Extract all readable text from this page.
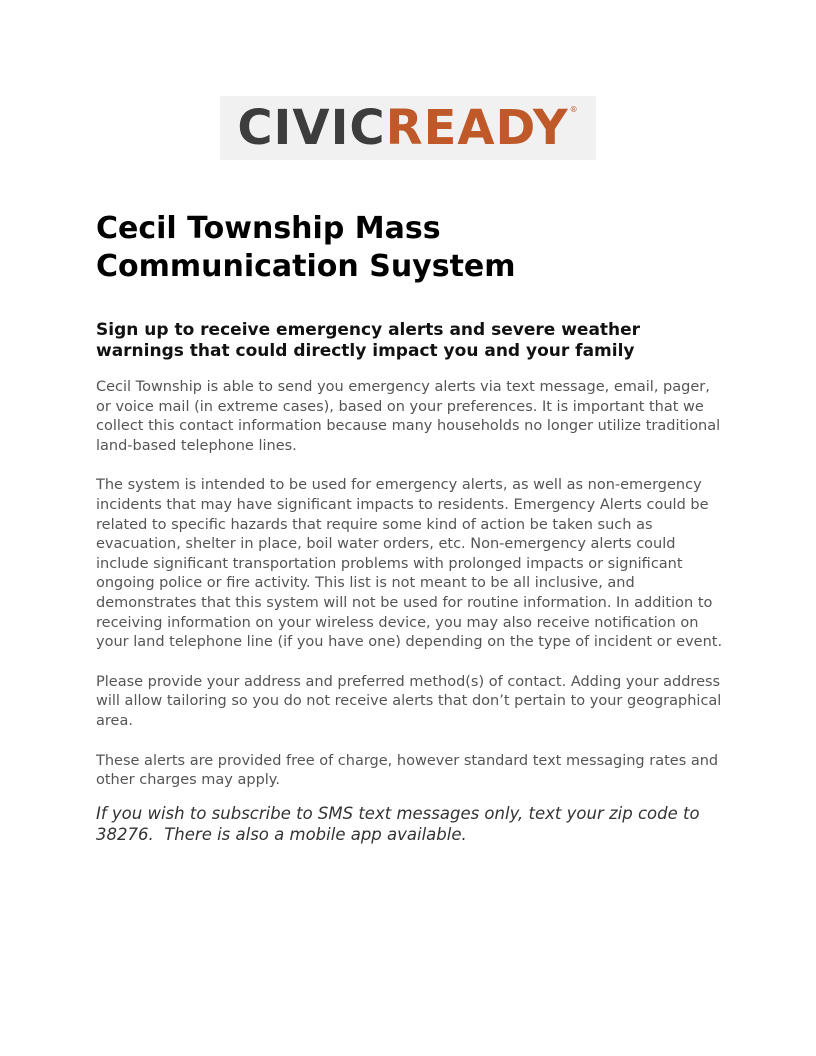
CIVIC READY ®
Cecil Township Mass
Communication Suystem

Sign up to receive emergency alerts and severe weather warnings that could directly impact you and your family

Cecil Township is able to send you emergency alerts via text message, email, pager, or voice mail (in extreme cases), based on your preferences. It is important that we collect this contact information because many households no longer utilize traditional land-based telephone lines.

The system is intended to be used for emergency alerts, as well as non-emergency incidents that may have significant impacts to residents. Emergency Alerts could be related to specific hazards that require some kind of action be taken such as evacuation, shelter in place, boil water orders, etc. Non-emergency alerts could include significant transportation problems with prolonged impacts or significant ongoing police or fire activity. This list is not meant to be all inclusive, and demonstrates that this system will not be used for routine information. In addition to receiving information on your wireless device, you may also receive notification on your land telephone line (if you have one) depending on the type of incident or event.

Please provide your address and preferred method(s) of contact. Adding your address will allow tailoring so you do not receive alerts that don’t pertain to your geographical area.

These alerts are provided free of charge, however standard text messaging rates and other charges may apply.

If you wish to subscribe to SMS text messages only, text your zip code to 38276.  There is also a mobile app available.
